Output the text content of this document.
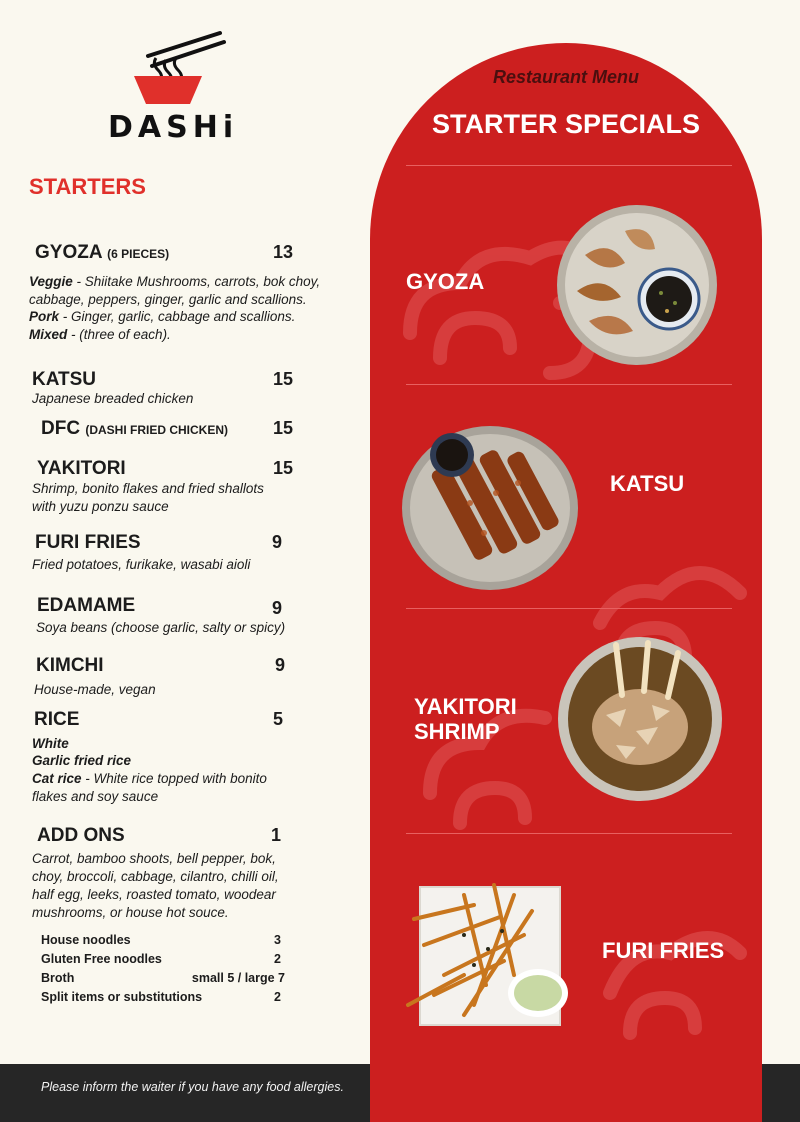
DASHi
STARTERS
GYOZA (6 PIECES)	13
Veggie - Shiitake Mushrooms, carrots, bok choy,
cabbage, peppers, ginger, garlic and scallions.
Pork - Ginger, garlic, cabbage and scallions.
Mixed - (three of each).
KATSU	15
Japanese breaded chicken
DFC (DASHI FRIED CHICKEN) 15
YAKITORI	15
Shrimp, bonito flakes and fried shallots
with yuzu ponzu sauce
FURI FRIES	9
Fried potatoes, furikake, wasabi aioli
EDAMAME	9
Soya beans (choose garlic, salty or spicy)
KIMCHI	9
House-made, vegan
RICE	5
White
Garlic fried rice
Cat rice - White rice topped with bonito
flakes and soy sauce
ADD ONS	1
Carrot, bamboo shoots, bell pepper, bok,
choy, broccoli, cabbage, cilantro, chilli oil,
half egg, leeks, roasted tomato, woodear
mushrooms, or house hot souce.
House noodles	3
Gluten Free noodles	2
Broth	small 5 / large 7
Split items or substitutions	2
Please inform the waiter if you have any food allergies.
Restaurant Menu
STARTER SPECIALS
GYOZA
KATSU
YAKITORI
SHRIMP
FURI FRIES
